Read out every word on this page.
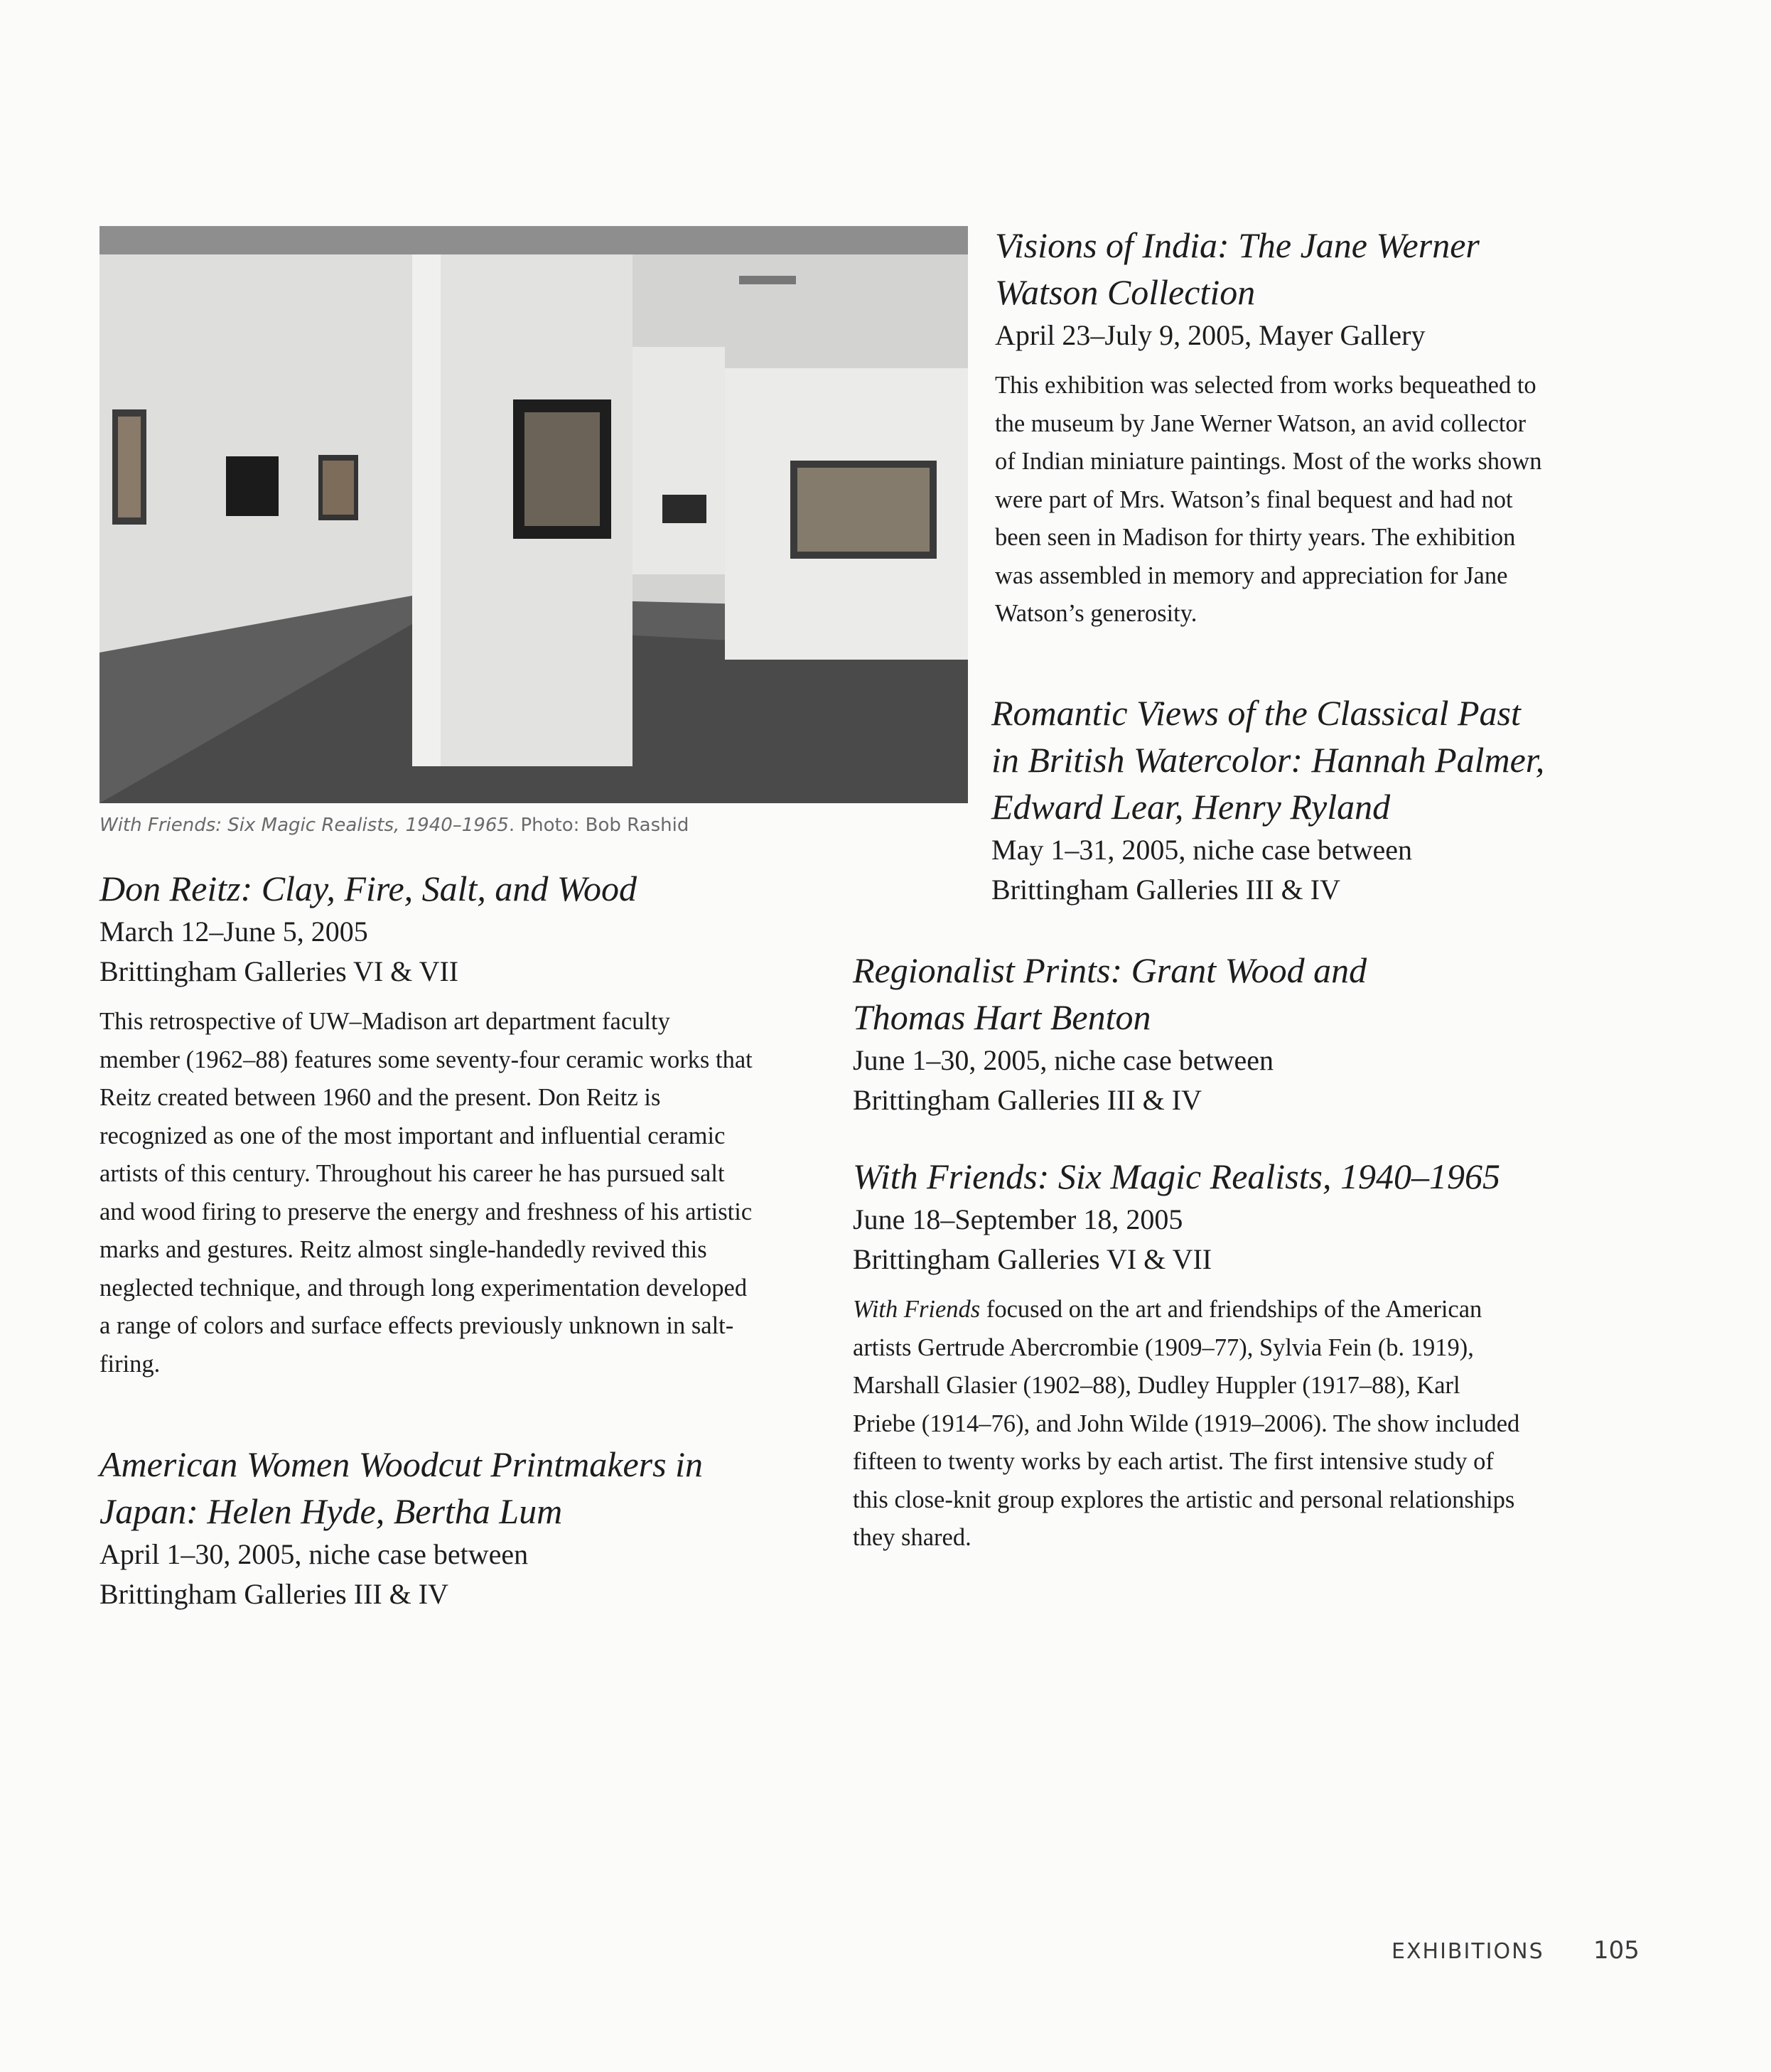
With Friends: Six Magic Realists, 1940–1965. Photo: Bob Rashid
Don Reitz: Clay, Fire, Salt, and Wood

March 12–June 5, 2005

Brittingham Galleries VI & VII

This retrospective of UW–Madison art department faculty member (1962–88) features some seventy-four ceramic works that Reitz created between 1960 and the present. Don Reitz is recognized as one of the most important and influential ceramic artists of this century. Throughout his career he has pursued salt and wood firing to preserve the energy and freshness of his artistic marks and gestures. Reitz almost single-handedly revived this neglected technique, and through long experimentation developed a range of colors and surface effects previously unknown in salt-firing.

American Women Woodcut Printmakers in Japan: Helen Hyde, Bertha Lum

April 1–30, 2005, niche case between

Brittingham Galleries III & IV

Visions of India: The Jane Werner Watson Collection

April 23–July 9, 2005, Mayer Gallery

This exhibition was selected from works bequeathed to the museum by Jane Werner Watson, an avid collector of Indian miniature paintings. Most of the works shown were part of Mrs. Watson’s final bequest and had not been seen in Madison for thirty years. The exhibition was assembled in memory and appreciation for Jane Watson’s generosity.

Romantic Views of the Classical Past in British Watercolor: Hannah Palmer, Edward Lear, Henry Ryland

May 1–31, 2005, niche case between

Brittingham Galleries III & IV

Regionalist Prints: Grant Wood and Thomas Hart Benton

June 1–30, 2005, niche case between

Brittingham Galleries III & IV

With Friends: Six Magic Realists, 1940–1965

June 18–September 18, 2005

Brittingham Galleries VI & VII

With Friends focused on the art and friendships of the American artists Gertrude Abercrombie (1909–77), Sylvia Fein (b. 1919), Marshall Glasier (1902–88), Dudley Huppler (1917–88), Karl Priebe (1914–76), and John Wilde (1919–2006). The show included fifteen to twenty works by each artist. The first intensive study of this close-knit group explores the artistic and personal relationships they shared.

EXHIBITIONS 105
